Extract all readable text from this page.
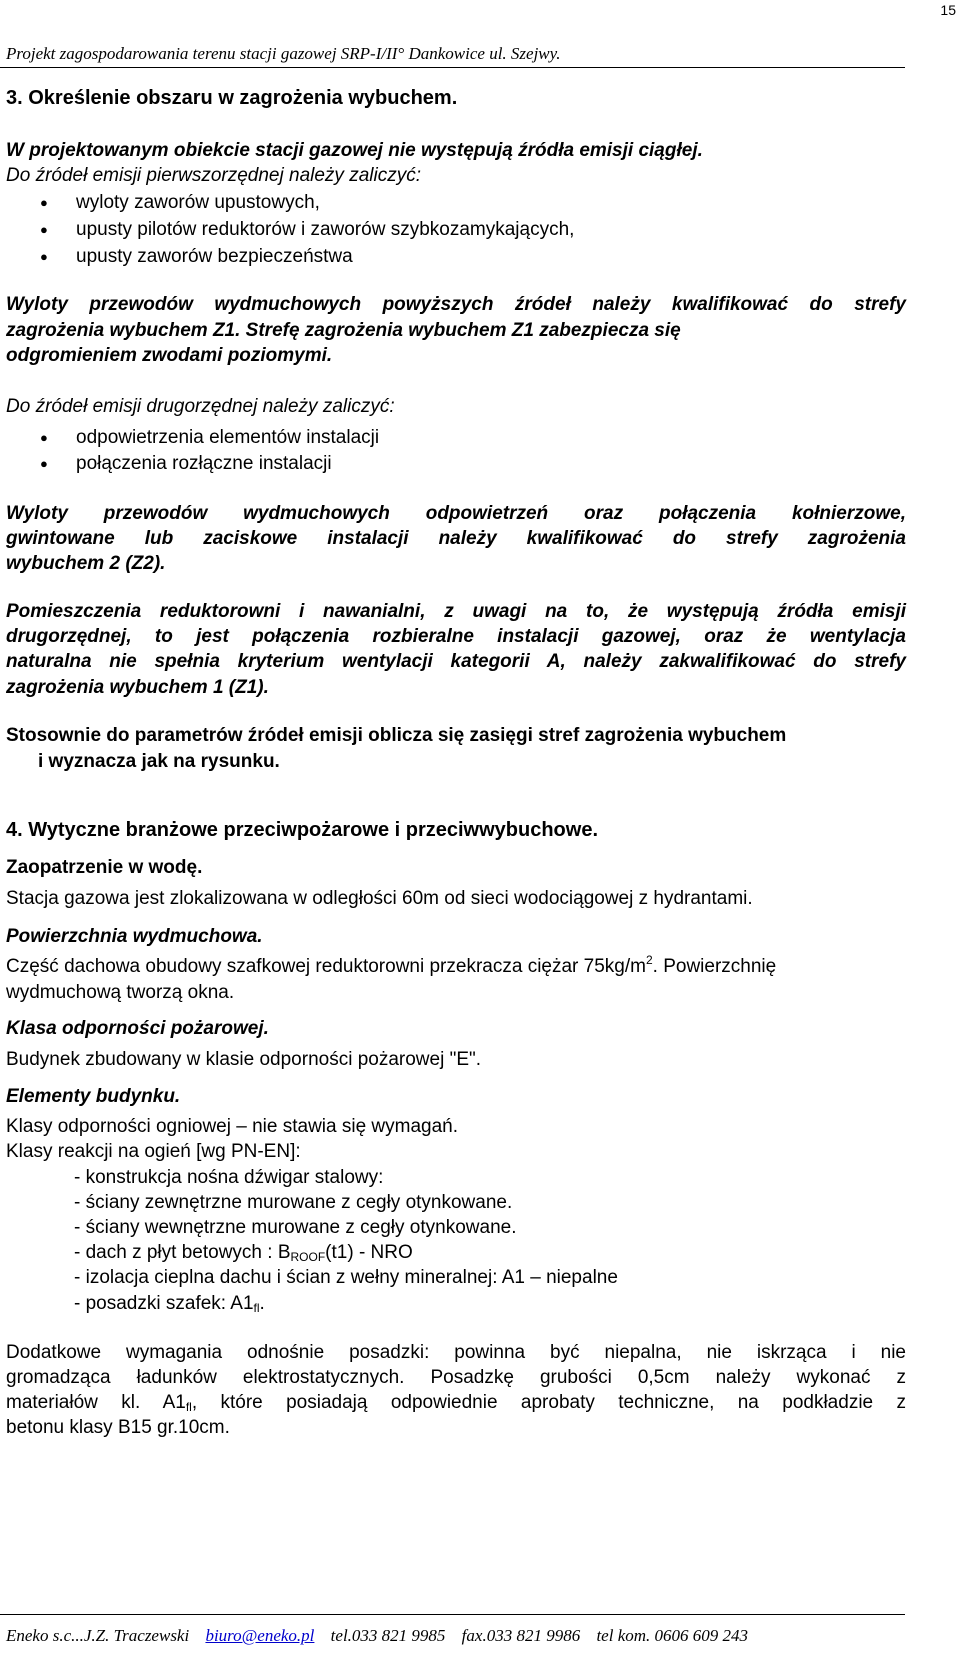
15
Projekt zagospodarowania terenu stacji gazowej SRP-I/II° Dankowice ul. Szejwy.
3. Określenie obszaru w zagrożenia wybuchem.
W projektowanym obiekcie stacji gazowej nie występują źródła emisji ciągłej.
Do źródeł emisji pierwszorzędnej należy zaliczyć:
● wyloty zaworów upustowych,
● upusty pilotów reduktorów i zaworów szybkozamykających,
● upusty zaworów bezpieczeństwa
Wyloty przewodów wydmuchowych powyższych źródeł należy kwalifikować do strefy
zagrożenia wybuchem Z1. Strefę zagrożenia wybuchem Z1 zabezpiecza się
odgromieniem zwodami poziomymi.
Do źródeł emisji drugorzędnej należy zaliczyć:
● odpowietrzenia elementów instalacji
● połączenia rozłączne instalacji
Wyloty przewodów wydmuchowych odpowietrzeń oraz połączenia kołnierzowe,
gwintowane lub zaciskowe instalacji należy kwalifikować do strefy zagrożenia
wybuchem 2 (Z2).
Pomieszczenia reduktorowni i nawanialni, z uwagi na to, że występują źródła emisji
drugorzędnej, to jest połączenia rozbieralne instalacji gazowej, oraz że wentylacja
naturalna nie spełnia kryterium wentylacji kategorii A, należy zakwalifikować do strefy
zagrożenia wybuchem 1 (Z1).
Stosownie do parametrów źródeł emisji oblicza się zasięgi stref zagrożenia wybuchem
i wyznacza jak na rysunku.
4. Wytyczne branżowe przeciwpożarowe i przeciwwybuchowe.
Zaopatrzenie w wodę.
Stacja gazowa jest zlokalizowana w odległości 60m od sieci wodociągowej z hydrantami.
Powierzchnia wydmuchowa.
Część dachowa obudowy szafkowej reduktorowni przekracza ciężar $75kg/m^2$. Powierzchnię
wydmuchową tworzą okna.
Klasa odporności pożarowej.
Budynek zbudowany w klasie odporności pożarowej "E".
Elementy budynku.
Klasy odporności ogniowej – nie stawia się wymagań.
Klasy reakcji na ogień [wg PN-EN]:
- konstrukcja nośna dźwigar stalowy:
- ściany zewnętrzne murowane z cegły otynkowane.
- ściany wewnętrzne murowane z cegły otynkowane.
- dach z płyt betowych : $B_{ROOF}(t1)$ - NRO
- izolacja cieplna dachu i ścian z wełny mineralnej: A1 – niepalne
- posadzki szafek: $A1_{fl}$.
Dodatkowe wymagania odnośnie posadzki: powinna być niepalna, nie iskrząca i nie
gromadząca ładunków elektrostatycznych. Posadzkę grubości 0,5cm należy wykonać z
materiałów kl. $A1_{fl}$, które posiadają odpowiednie aprobaty techniczne, na podkładzie z
betonu klasy B15 gr.10cm.
Eneko s.c...J.Z. Traczewski biuro@eneko.pl tel.033 821 9985 fax.033 821 9986 tel kom. 0606 609 243
